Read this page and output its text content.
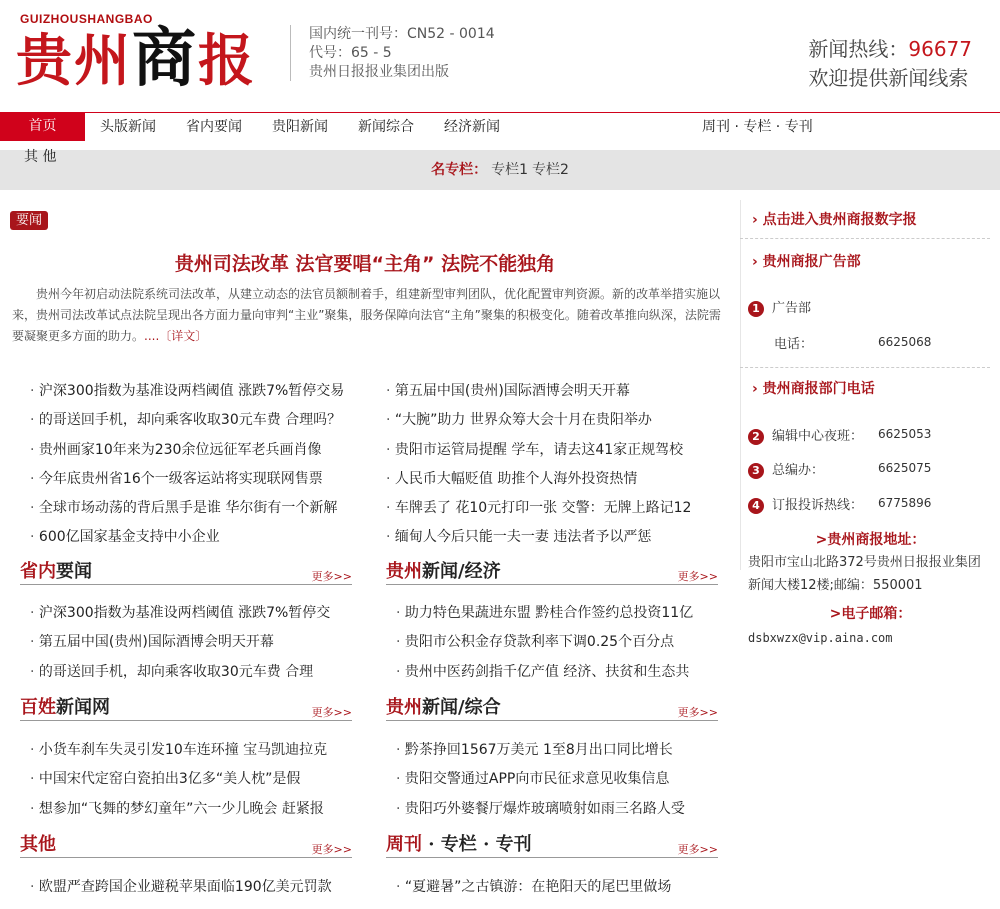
GUIZHOUSHANGBAO
贵州商报	国内统一刊号：CN52 - 0014
代号：65 - 5
贵州日报报业集团出版
新闻热线：96677
欢迎提供新闻线索
首页	头版新闻 省内要闻 贵阳新闻 新闻综合 经济新闻	周刊 · 专栏 · 专刊
名专栏： 专栏1 专栏2
其 他
要闻
贵州司法改革 法官要唱“主角” 法院不能独角
贵州今年初启动法院系统司法改革，从建立动态的法官员额制着手，组建新型审判团队，优化配置审判资源。新的改革举措实施以来，贵州司法改革试点法院呈现出各方面力量向审判“主业”聚集，服务保障向法官“主角”聚集的积极变化。随着改革推向纵深，法院需要凝聚更多方面的助力。....〔详文〕
· 沪深300指数为基准设两档阈值 涨跌7%暂停交易
· 的哥送回手机，却向乘客收取30元车费 合理吗？
· 贵州画家10年来为230余位远征军老兵画肖像
· 今年底贵州省16个一级客运站将实现联网售票
· 全球市场动荡的背后黑手是谁 华尔街有一个新解
· 600亿国家基金支持中小企业
· 第五届中国(贵州)国际酒博会明天开幕
· “大腕”助力 世界众筹大会十月在贵阳举办
· 贵阳市运管局提醒 学车，请去这41家正规驾校
· 人民币大幅贬值 助推个人海外投资热情
· 车牌丢了 花10元打印一张 交警：无牌上路记12
· 缅甸人今后只能一夫一妻 违法者予以严惩
省内要闻	更多>>
· 沪深300指数为基准设两档阈值 涨跌7%暂停交
· 第五届中国(贵州)国际酒博会明天开幕
· 的哥送回手机，却向乘客收取30元车费 合理
贵州新闻/经济	更多>>
· 助力特色果蔬进东盟 黔桂合作签约总投资11亿
· 贵阳市公积金存贷款利率下调0.25个百分点
· 贵州中医药剑指千亿产值 经济、扶贫和生态共
百姓新闻网	更多>>
· 小货车刹车失灵引发10车连环撞 宝马凯迪拉克
· 中国宋代定窑白瓷拍出3亿多“美人枕”是假
· 想参加“飞舞的梦幻童年”六一少儿晚会 赶紧报
贵州新闻/综合	更多>>
· 黔茶挣回1567万美元 1至8月出口同比增长
· 贵阳交警通过APP向市民征求意见收集信息
· 贵阳巧外婆餐厅爆炸玻璃喷射如雨三名路人受
其他	更多>>
· 欧盟严查跨国企业避税苹果面临190亿美元罚款
周刊 · 专栏 · 专刊	更多>>
· “夏避暑”之古镇游：在艳阳天的尾巴里做场
› 点击进入贵州商报数字报
› 贵州商报广告部
1 广告部
电话：	6625068
› 贵州商报部门电话
2 编辑中心夜班： 6625053
3 总编办：	6625075
4 订报投诉热线： 6775896
>贵州商报地址：
贵阳市宝山北路372号贵州日报报业集团新闻大楼12楼;邮编：550001
>电子邮箱：
dsbxwzx@vip.aina.com
